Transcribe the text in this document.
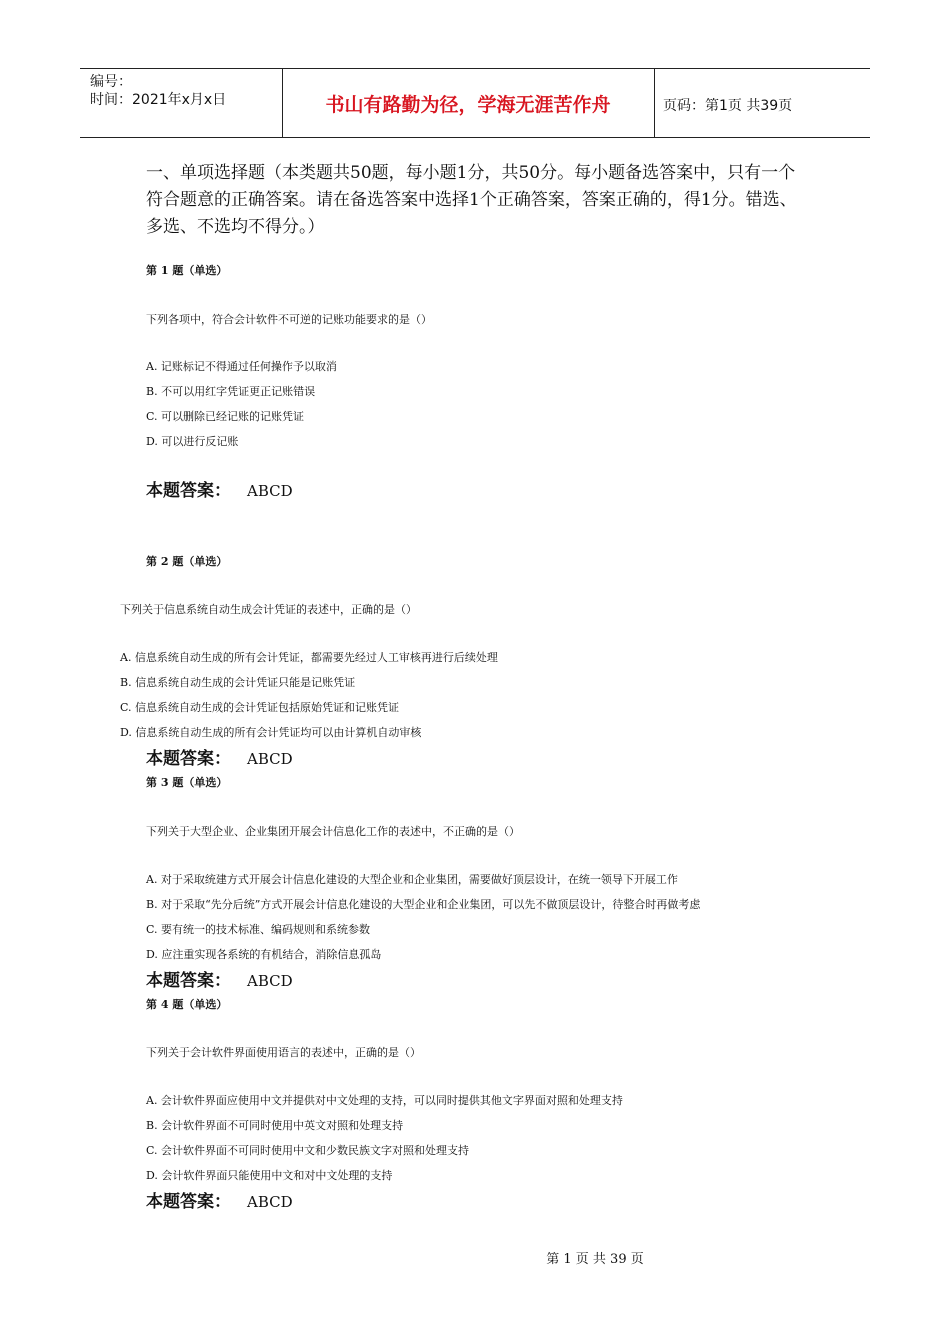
编号：
时间：2021年x月x日	书山有路勤为径，学海无涯苦作舟	页码：第1页 共39页
一、单项选择题（本类题共50题，每小题1分，共50分。每小题备选答案中，只有一个符合题意的正确答案。请在备选答案中选择1个正确答案，答案正确的，得1分。错选、多选、不选均不得分。）
第 1 题（单选）
下列各项中，符合会计软件不可逆的记账功能要求的是（）
A. 记账标记不得通过任何操作予以取消
B. 不可以用红字凭证更正记账错误
C. 可以删除已经记账的记账凭证
D. 可以进行反记账
本题答案： ABCD
第 2 题（单选）
下列关于信息系统自动生成会计凭证的表述中，正确的是（）
A. 信息系统自动生成的所有会计凭证，都需要先经过人工审核再进行后续处理
B. 信息系统自动生成的会计凭证只能是记账凭证
C. 信息系统自动生成的会计凭证包括原始凭证和记账凭证
D. 信息系统自动生成的所有会计凭证均可以由计算机自动审核
本题答案： ABCD
第 3 题（单选）
下列关于大型企业、企业集团开展会计信息化工作的表述中，不正确的是（）
A. 对于采取统建方式开展会计信息化建设的大型企业和企业集团，需要做好顶层设计，在统一领导下开展工作
B. 对于采取“先分后统”方式开展会计信息化建设的大型企业和企业集团，可以先不做顶层设计，待整合时再做考虑
C. 要有统一的技术标准、编码规则和系统参数
D. 应注重实现各系统的有机结合，消除信息孤岛
本题答案： ABCD
第 4 题（单选）
下列关于会计软件界面使用语言的表述中，正确的是（）
A. 会计软件界面应使用中文并提供对中文处理的支持，可以同时提供其他文字界面对照和处理支持
B. 会计软件界面不可同时使用中英文对照和处理支持
C. 会计软件界面不可同时使用中文和少数民族文字对照和处理支持
D. 会计软件界面只能使用中文和对中文处理的支持
本题答案： ABCD
第 1 页 共 39 页
